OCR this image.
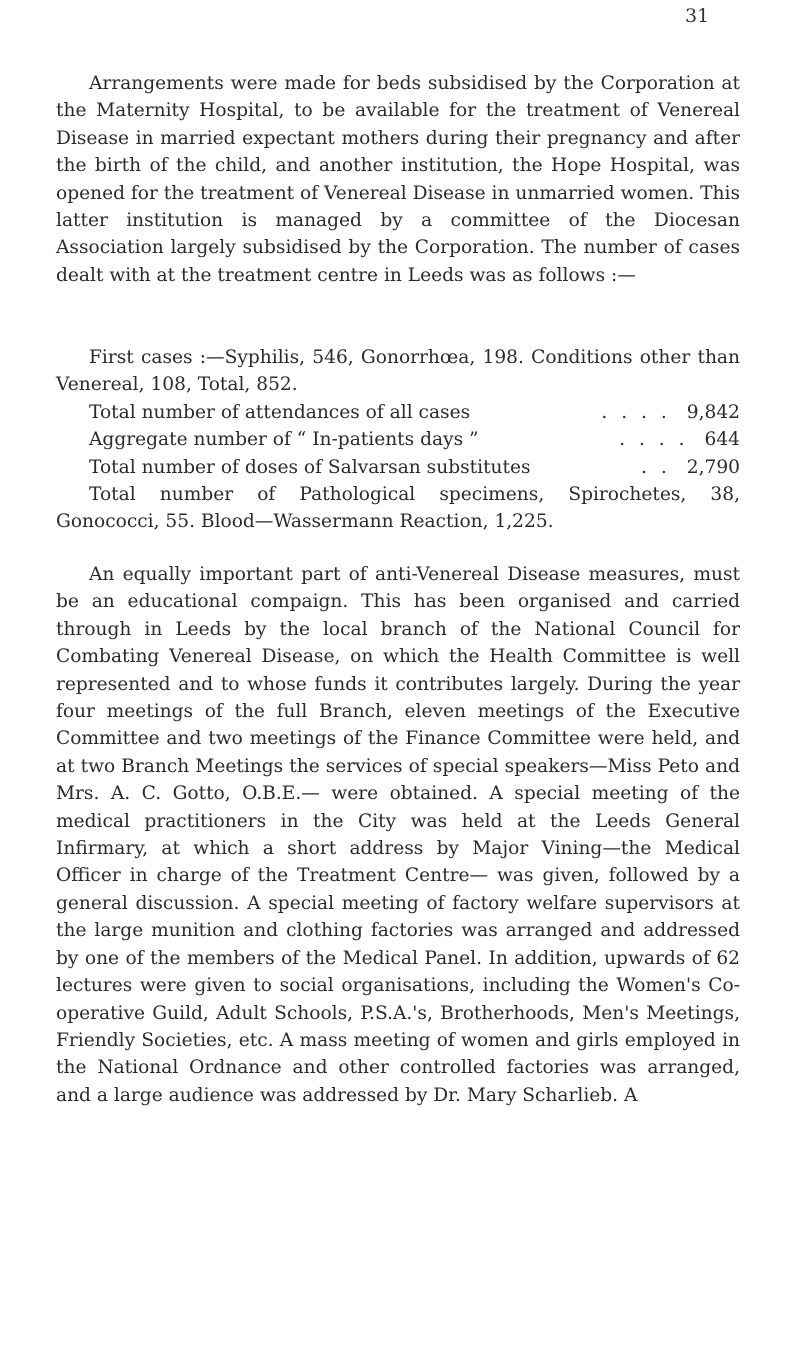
31

Arrangements were made for beds subsidised by the Corporation at the Maternity Hospital, to be available for the treatment of Venereal Disease in married expectant mothers during their pregnancy and after the birth of the child, and another institution, the Hope Hospital, was opened for the treatment of Venereal Disease in unmarried women. This latter institution is managed by a committee of the Diocesan Association largely subsidised by the Corporation. The number of cases dealt with at the treatment centre in Leeds was as follows :—

First cases :—Syphilis, 546, Gonorrhœa, 198. Conditions other than Venereal, 108, Total, 852.

Total number of attendances of all cases	. . . . 9,842
Aggregate number of “ In-patients days ”	. . . . 644
Total number of doses of Salvarsan substitutes	. . 2,790

Total number of Pathological specimens, Spirochetes, 38, Gonococci, 55. Blood—Wassermann Reaction, 1,225.

An equally important part of anti-Venereal Disease measures, must be an educational compaign. This has been organised and carried through in Leeds by the local branch of the National Council for Combating Venereal Disease, on which the Health Committee is well represented and to whose funds it contributes largely. During the year four meetings of the full Branch, eleven meetings of the Executive Committee and two meetings of the Finance Committee were held, and at two Branch Meetings the services of special speakers—Miss Peto and Mrs. A. C. Gotto, O.B.E.— were obtained. A special meeting of the medical practitioners in the City was held at the Leeds General Infirmary, at which a short address by Major Vining—the Medical Officer in charge of the Treatment Centre— was given, followed by a general discussion. A special meeting of factory welfare supervisors at the large munition and clothing factories was arranged and addressed by one of the members of the Medical Panel. In addition, upwards of 62 lectures were given to social organisations, including the Women's Co-operative Guild, Adult Schools, P.S.A.'s, Brotherhoods, Men's Meetings, Friendly Societies, etc. A mass meeting of women and girls employed in the National Ordnance and other controlled factories was arranged, and a large audience was addressed by Dr. Mary Scharlieb. A
